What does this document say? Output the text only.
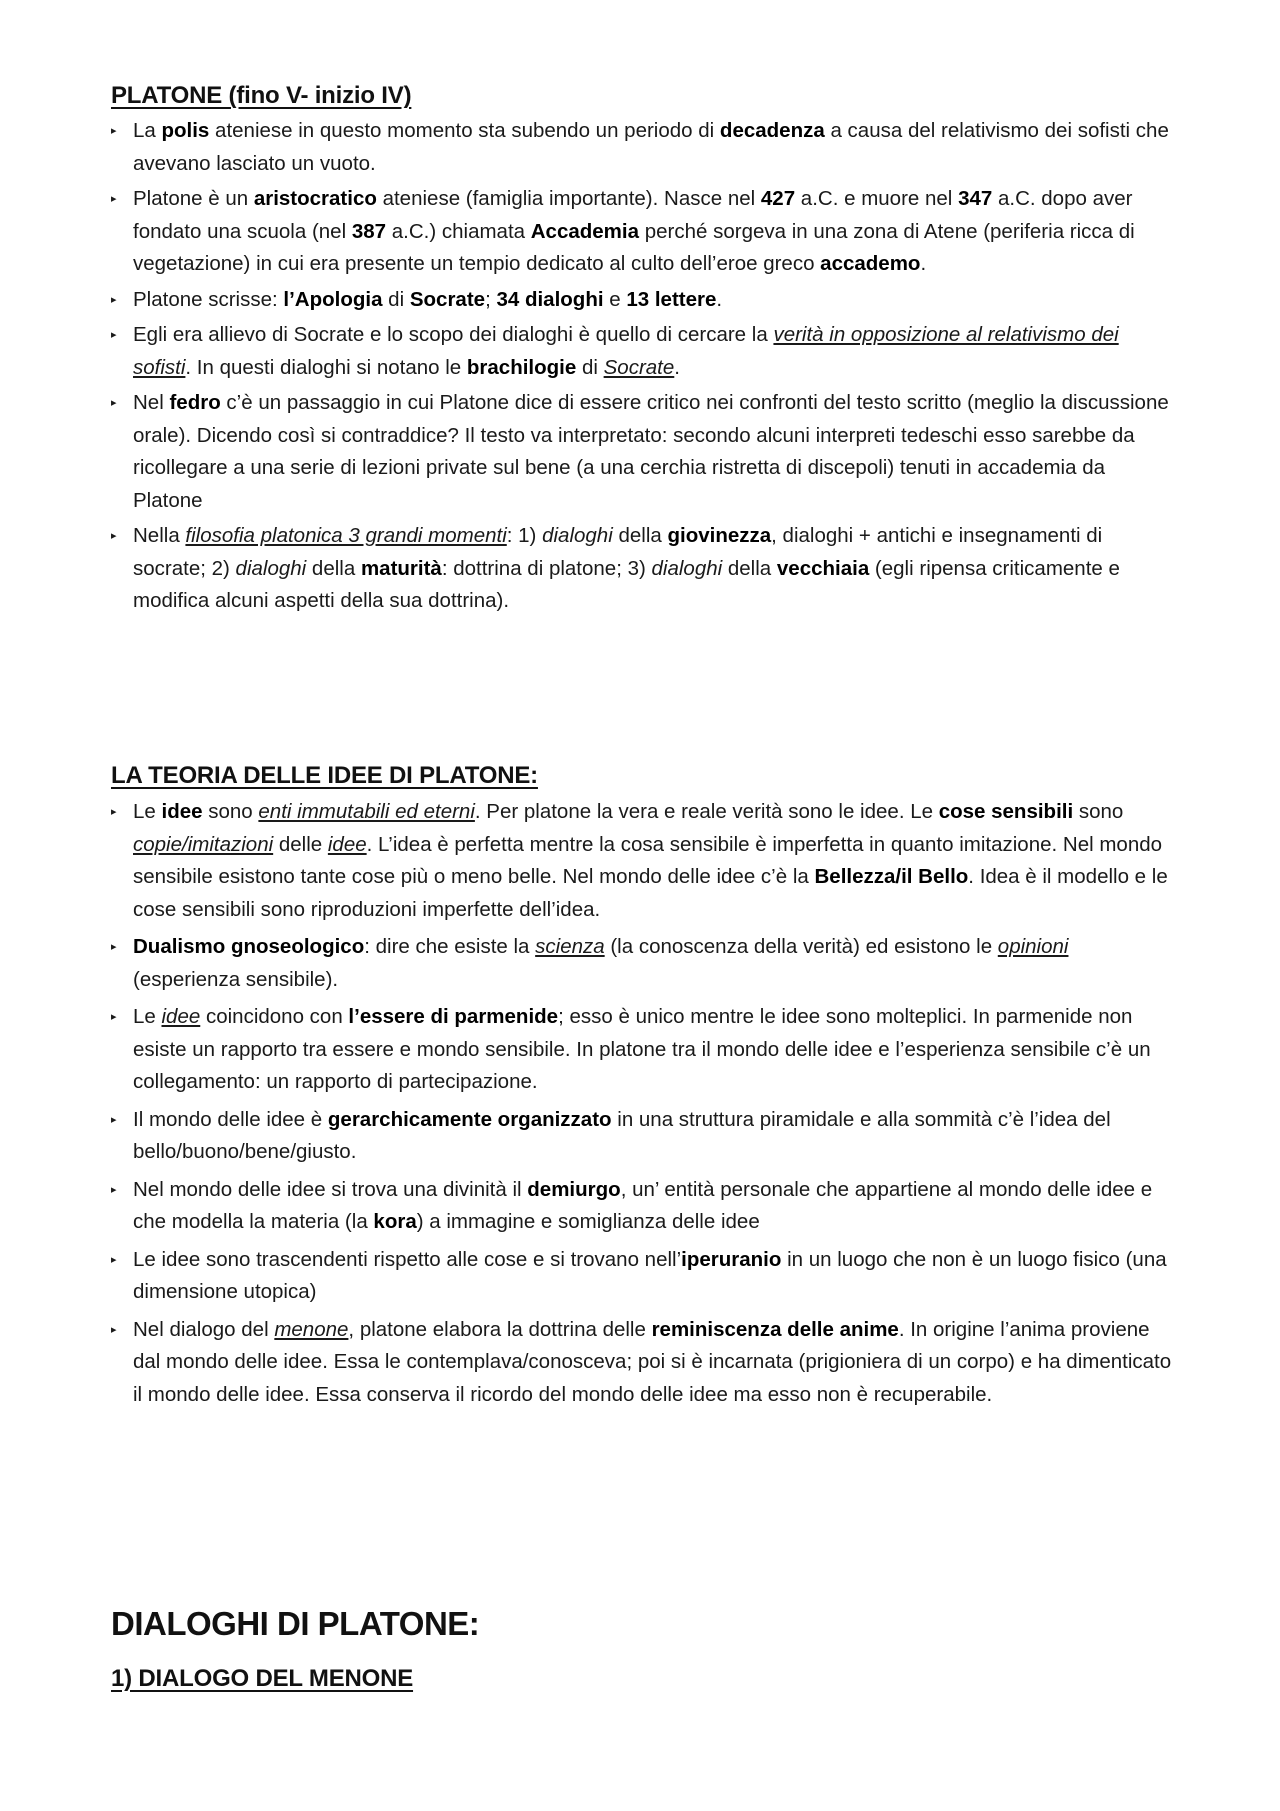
PLATONE (fino V- inizio IV)
▸ La polis ateniese in questo momento sta subendo un periodo di decadenza a causa del relativismo dei sofisti che avevano lasciato un vuoto.
▸ Platone è un aristocratico ateniese (famiglia importante). Nasce nel 427 a.C. e muore nel 347 a.C. dopo aver fondato una scuola (nel 387 a.C.) chiamata Accademia perché sorgeva in una zona di Atene (periferia ricca di vegetazione) in cui era presente un tempio dedicato al culto dell’eroe greco accademo.
▸ Platone scrisse: l’Apologia di Socrate; 34 dialoghi e 13 lettere.
▸ Egli era allievo di Socrate e lo scopo dei dialoghi è quello di cercare la verità in opposizione al relativismo dei sofisti. In questi dialoghi si notano le brachilogie di Socrate.
▸ Nel fedro c’è un passaggio in cui Platone dice di essere critico nei confronti del testo scritto (meglio la discussione orale). Dicendo così si contraddice? Il testo va interpretato: secondo alcuni interpreti tedeschi esso sarebbe da ricollegare a una serie di lezioni private sul bene (a una cerchia ristretta di discepoli) tenuti in accademia da Platone
▸ Nella filosofia platonica 3 grandi momenti: 1) dialoghi della giovinezza, dialoghi + antichi e insegnamenti di socrate; 2) dialoghi della maturità: dottrina di platone; 3) dialoghi della vecchiaia (egli ripensa criticamente e modifica alcuni aspetti della sua dottrina).
LA TEORIA DELLE IDEE DI PLATONE:
▸ Le idee sono enti immutabili ed eterni. Per platone la vera e reale verità sono le idee. Le cose sensibili sono copie/imitazioni delle idee. L’idea è perfetta mentre la cosa sensibile è imperfetta in quanto imitazione. Nel mondo sensibile esistono tante cose più o meno belle. Nel mondo delle idee c’è la Bellezza/il Bello. Idea è il modello e le cose sensibili sono riproduzioni imperfette dell’idea.
▸ Dualismo gnoseologico: dire che esiste la scienza (la conoscenza della verità) ed esistono le opinioni (esperienza sensibile).
▸ Le idee coincidono con l’essere di parmenide; esso è unico mentre le idee sono molteplici. In parmenide non esiste un rapporto tra essere e mondo sensibile. In platone tra il mondo delle idee e l’esperienza sensibile c’è un collegamento: un rapporto di partecipazione.
▸ Il mondo delle idee è gerarchicamente organizzato in una struttura piramidale e alla sommità c’è l’idea del bello/buono/bene/giusto.
▸ Nel mondo delle idee si trova una divinità il demiurgo, un’ entità personale che appartiene al mondo delle idee e che modella la materia (la kora) a immagine e somiglianza delle idee
▸ Le idee sono trascendenti rispetto alle cose e si trovano nell’iperuranio in un luogo che non è un luogo fisico (una dimensione utopica)
▸ Nel dialogo del menone, platone elabora la dottrina delle reminiscenza delle anime. In origine l’anima proviene dal mondo delle idee. Essa le contemplava/conosceva; poi si è incarnata (prigioniera di un corpo) e ha dimenticato il mondo delle idee. Essa conserva il ricordo del mondo delle idee ma esso non è recuperabile.
DIALOGHI DI PLATONE:
1) DIALOGO DEL MENONE
